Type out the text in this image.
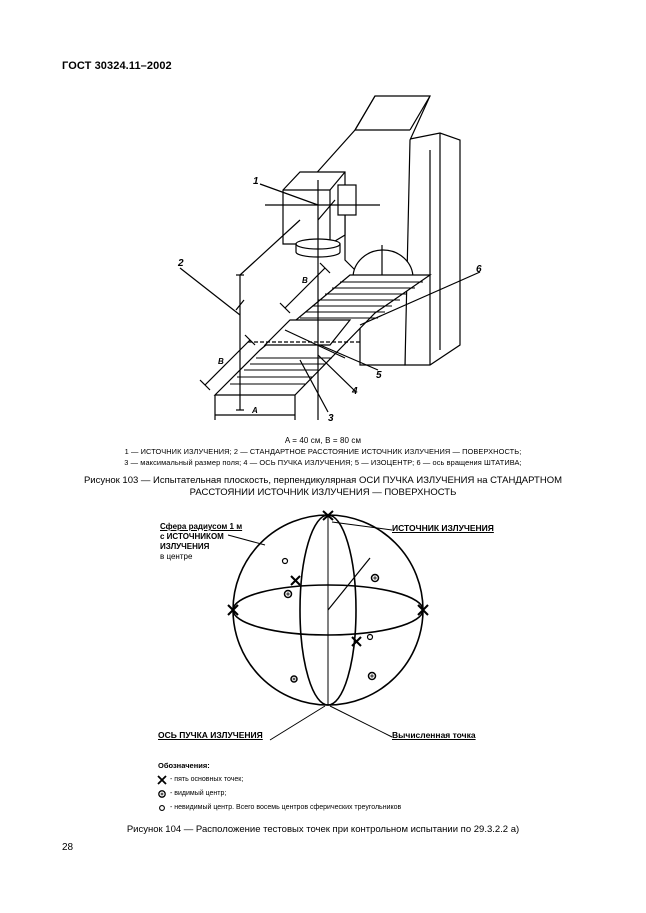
ГОСТ 30324.11–2002
1
2
3
4
5
6
A
B
B
A = 40 см, B = 80 см
1 — ИСТОЧНИК ИЗЛУЧЕНИЯ; 2 — СТАНДАРТНОЕ РАССТОЯНИЕ ИСТОЧНИК ИЗЛУЧЕНИЯ — ПОВЕРХНОСТЬ;
3 — максимальный размер поля; 4 — ОСЬ ПУЧКА ИЗЛУЧЕНИЯ; 5 — ИЗОЦЕНТР; 6 — ось вращения ШТАТИВА;
Рисунок 103 — Испытательная плоскость, перпендикулярная ОСИ ПУЧКА ИЗЛУЧЕНИЯ на СТАНДАРТНОМ
РАССТОЯНИИ ИСТОЧНИК ИЗЛУЧЕНИЯ — ПОВЕРХНОСТЬ
Сфера радиусом 1 м
с ИСТОЧНИКОМ
ИЗЛУЧЕНИЯ
в центре
ИСТОЧНИК ИЗЛУЧЕНИЯ
ОСЬ ПУЧКА ИЗЛУЧЕНИЯ	Вычисленная точка
Обозначения:
- пять основных точек;
- видимый центр;
- невидимый центр. Всего восемь центров сферических треугольников
Рисунок 104 — Расположение тестовых точек при контрольном испытании по 29.3.2.2 а)
28
